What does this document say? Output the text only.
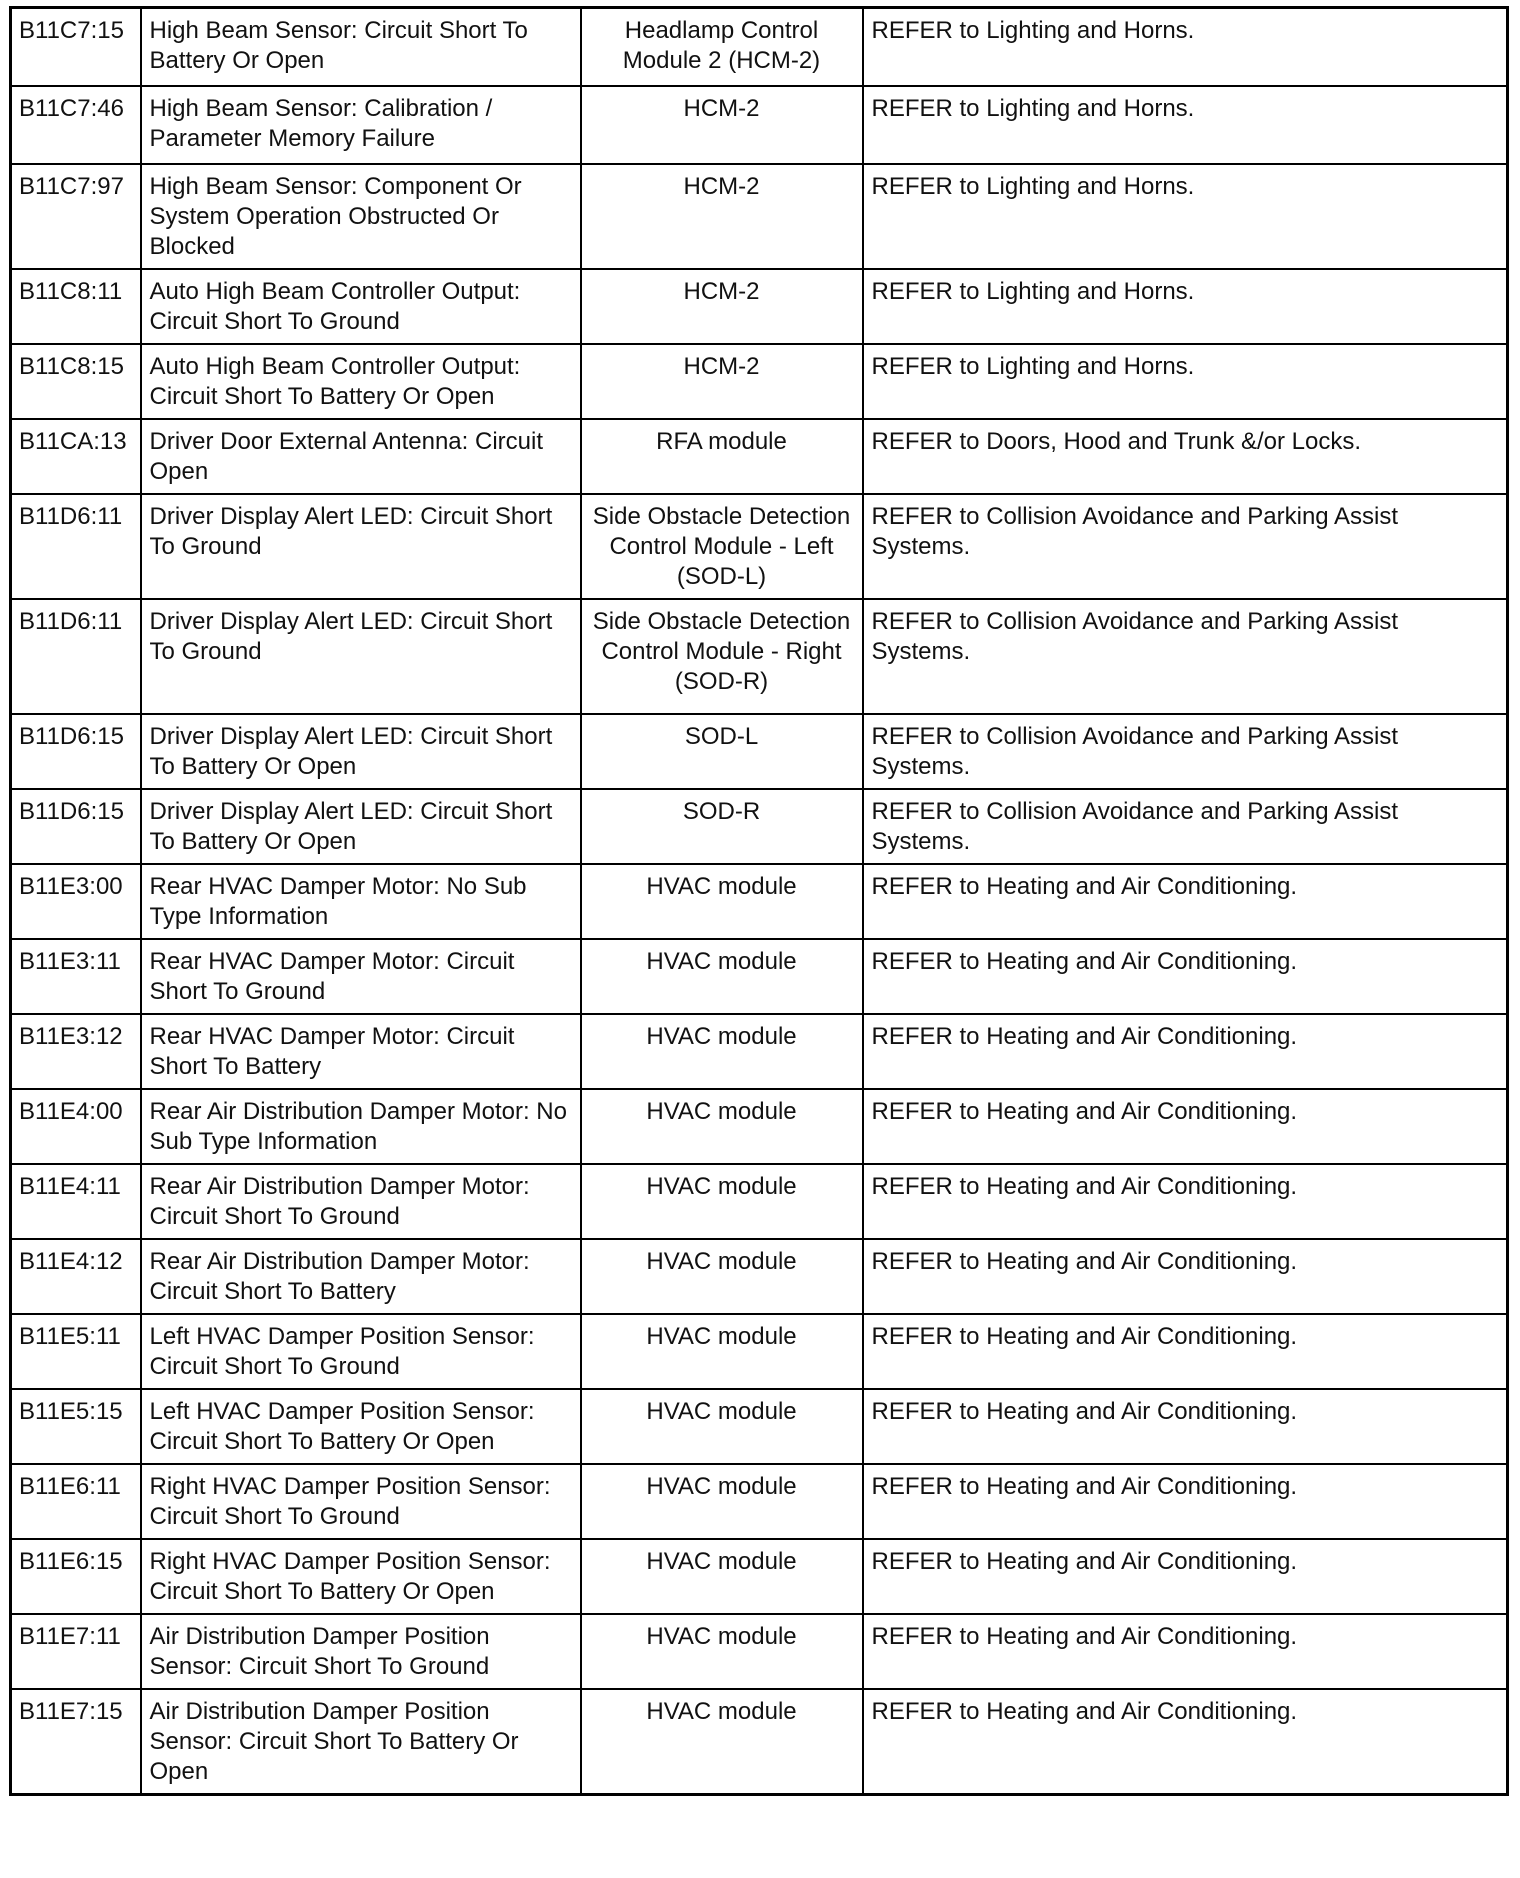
B11C7:15	High Beam Sensor: Circuit Short To Battery Or Open	Headlamp Control Module 2 (HCM-2)	REFER to Lighting and Horns.
B11C7:46	High Beam Sensor: Calibration / Parameter Memory Failure	HCM-2	REFER to Lighting and Horns.
B11C7:97	High Beam Sensor: Component Or System Operation Obstructed Or Blocked	HCM-2	REFER to Lighting and Horns.
B11C8:11	Auto High Beam Controller Output: Circuit Short To Ground	HCM-2	REFER to Lighting and Horns.
B11C8:15	Auto High Beam Controller Output: Circuit Short To Battery Or Open	HCM-2	REFER to Lighting and Horns.
B11CA:13	Driver Door External Antenna: Circuit Open	RFA module	REFER to Doors, Hood and Trunk &/or Locks.
B11D6:11	Driver Display Alert LED: Circuit Short To Ground	Side Obstacle Detection Control Module - Left (SOD-L)	REFER to Collision Avoidance and Parking Assist Systems.
B11D6:11	Driver Display Alert LED: Circuit Short To Ground	Side Obstacle Detection Control Module - Right (SOD-R)	REFER to Collision Avoidance and Parking Assist Systems.
B11D6:15	Driver Display Alert LED: Circuit Short To Battery Or Open	SOD-L	REFER to Collision Avoidance and Parking Assist Systems.
B11D6:15	Driver Display Alert LED: Circuit Short To Battery Or Open	SOD-R	REFER to Collision Avoidance and Parking Assist Systems.
B11E3:00	Rear HVAC Damper Motor: No Sub Type Information	HVAC module	REFER to Heating and Air Conditioning.
B11E3:11	Rear HVAC Damper Motor: Circuit Short To Ground	HVAC module	REFER to Heating and Air Conditioning.
B11E3:12	Rear HVAC Damper Motor: Circuit Short To Battery	HVAC module	REFER to Heating and Air Conditioning.
B11E4:00	Rear Air Distribution Damper Motor: No Sub Type Information	HVAC module	REFER to Heating and Air Conditioning.
B11E4:11	Rear Air Distribution Damper Motor: Circuit Short To Ground	HVAC module	REFER to Heating and Air Conditioning.
B11E4:12	Rear Air Distribution Damper Motor: Circuit Short To Battery	HVAC module	REFER to Heating and Air Conditioning.
B11E5:11	Left HVAC Damper Position Sensor: Circuit Short To Ground	HVAC module	REFER to Heating and Air Conditioning.
B11E5:15	Left HVAC Damper Position Sensor: Circuit Short To Battery Or Open	HVAC module	REFER to Heating and Air Conditioning.
B11E6:11	Right HVAC Damper Position Sensor: Circuit Short To Ground	HVAC module	REFER to Heating and Air Conditioning.
B11E6:15	Right HVAC Damper Position Sensor: Circuit Short To Battery Or Open	HVAC module	REFER to Heating and Air Conditioning.
B11E7:11	Air Distribution Damper Position Sensor: Circuit Short To Ground	HVAC module	REFER to Heating and Air Conditioning.
B11E7:15	Air Distribution Damper Position Sensor: Circuit Short To Battery Or Open	HVAC module	REFER to Heating and Air Conditioning.
